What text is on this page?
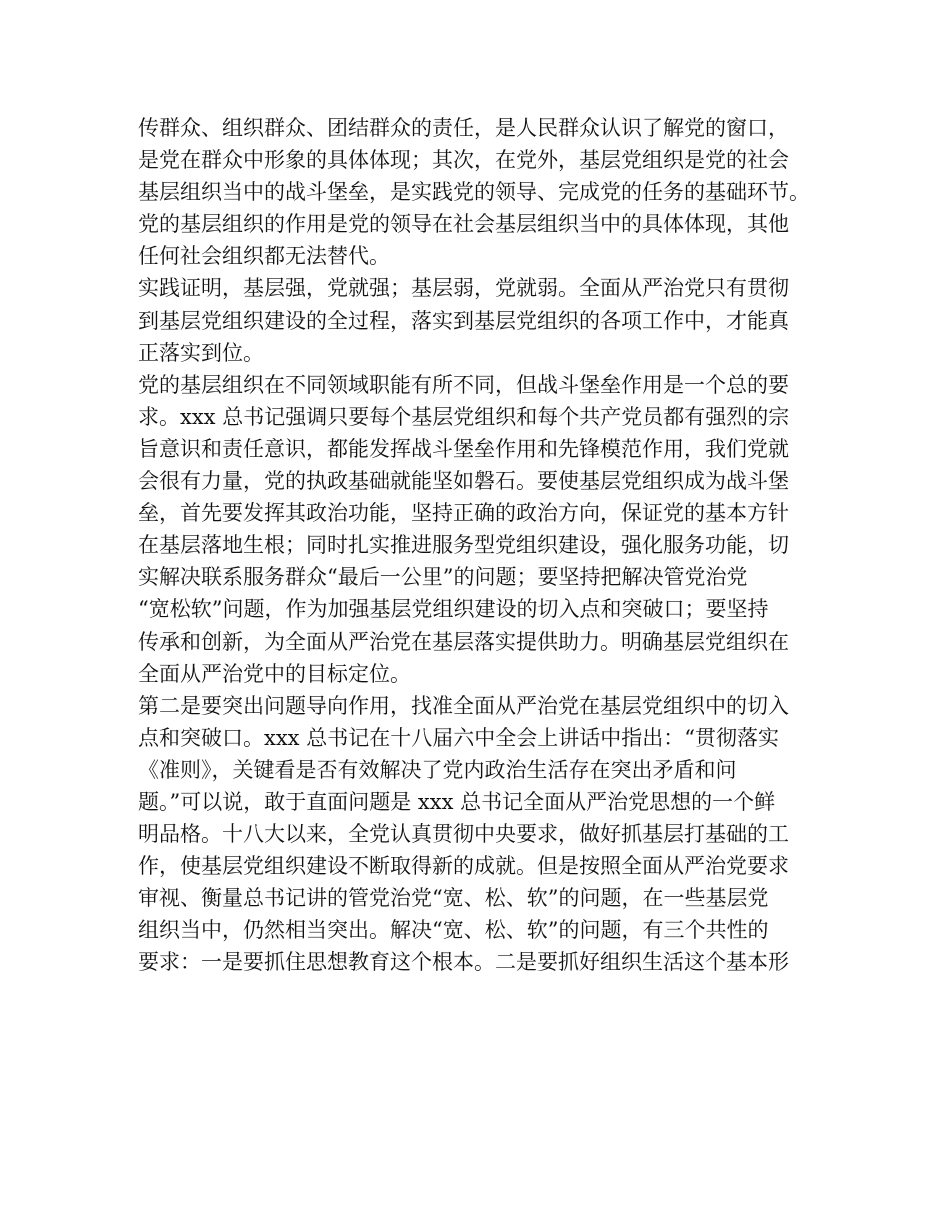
传群众、组织群众、团结群众的责任，是人民群众认识了解党的窗口，

是党在群众中形象的具体体现；其次，在党外，基层党组织是党的社会

基层组织当中的战斗堡垒，是实践党的领导、完成党的任务的基础环节。

党的基层组织的作用是党的领导在社会基层组织当中的具体体现，其他

任何社会组织都无法替代。

实践证明，基层强，党就强；基层弱，党就弱。全面从严治党只有贯彻

到基层党组织建设的全过程，落实到基层党组织的各项工作中，才能真

正落实到位。

党的基层组织在不同领域职能有所不同，但战斗堡垒作用是一个总的要

求。xxx 总书记强调只要每个基层党组织和每个共产党员都有强烈的宗

旨意识和责任意识，都能发挥战斗堡垒作用和先锋模范作用，我们党就

会很有力量，党的执政基础就能坚如磐石。要使基层党组织成为战斗堡

垒，首先要发挥其政治功能，坚持正确的政治方向，保证党的基本方针

在基层落地生根；同时扎实推进服务型党组织建设，强化服务功能，切

实解决联系服务群众“最后一公里”的问题；要坚持把解决管党治党

“宽松软”问题，作为加强基层党组织建设的切入点和突破口；要坚持

传承和创新，为全面从严治党在基层落实提供助力。明确基层党组织在

全面从严治党中的目标定位。

第二是要突出问题导向作用，找准全面从严治党在基层党组织中的切入

点和突破口。xxx 总书记在十八届六中全会上讲话中指出：“贯彻落实

《准则》，关键看是否有效解决了党内政治生活存在突出矛盾和问

题。”可以说，敢于直面问题是 xxx 总书记全面从严治党思想的一个鲜

明品格。十八大以来，全党认真贯彻中央要求，做好抓基层打基础的工

作，使基层党组织建设不断取得新的成就。但是按照全面从严治党要求

审视、衡量总书记讲的管党治党“宽、松、软”的问题，在一些基层党

组织当中，仍然相当突出。解决“宽、松、软”的问题，有三个共性的

要求：一是要抓住思想教育这个根本。二是要抓好组织生活这个基本形
